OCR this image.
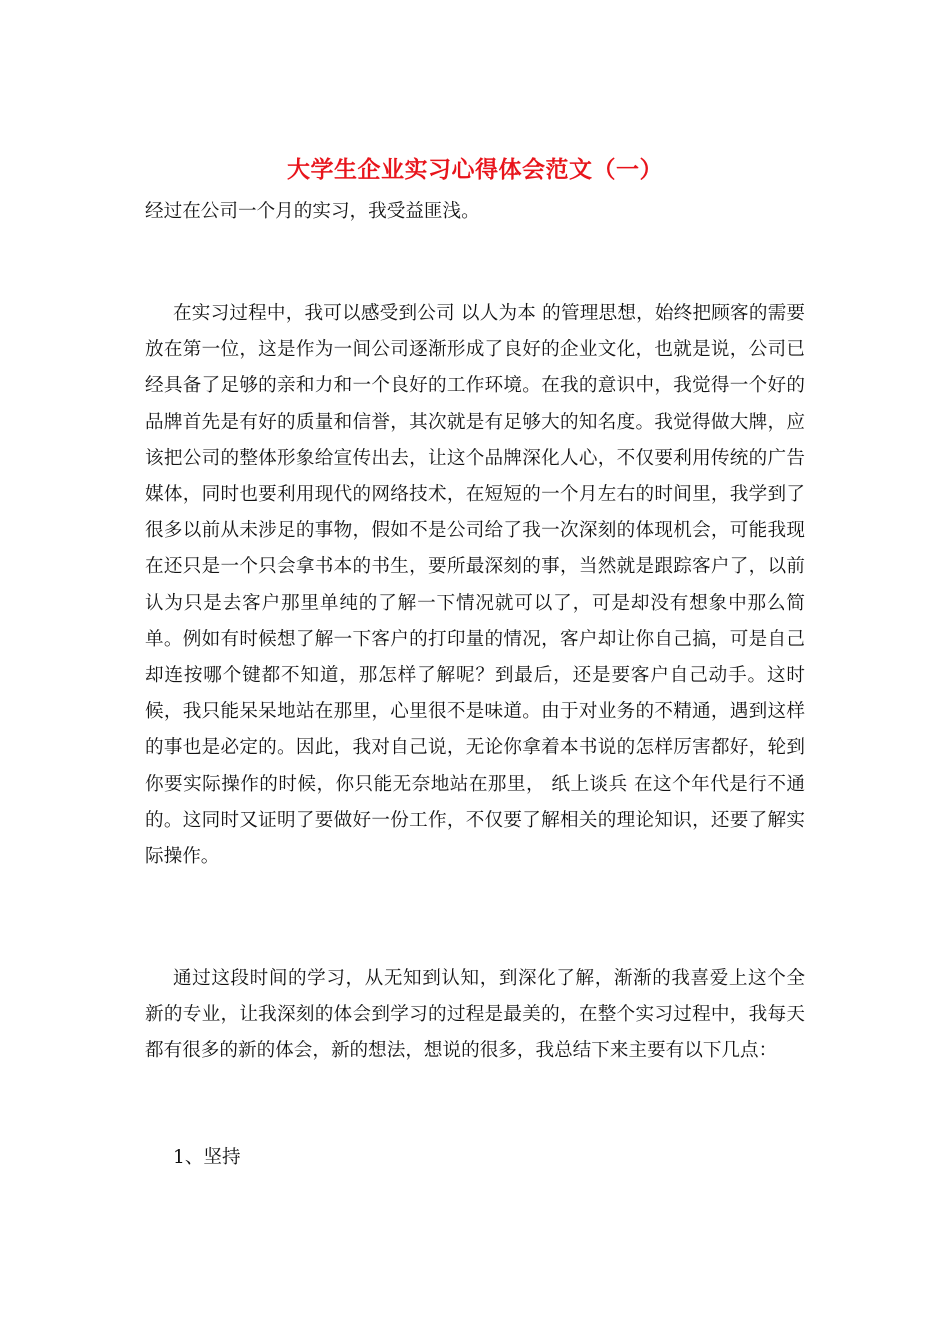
大学生企业实习心得体会范文（一）

经过在公司一个月的实习，我受益匪浅。

在实习过程中，我可以感受到公司 以人为本 的管理思想，始终把顾客的需要放在第一位，这是作为一间公司逐渐形成了良好的企业文化，也就是说，公司已经具备了足够的亲和力和一个良好的工作环境。在我的意识中，我觉得一个好的品牌首先是有好的质量和信誉，其次就是有足够大的知名度。我觉得做大牌，应该把公司的整体形象给宣传出去，让这个品牌深化人心，不仅要利用传统的广告媒体，同时也要利用现代的网络技术，在短短的一个月左右的时间里，我学到了很多以前从未涉足的事物，假如不是公司给了我一次深刻的体现机会，可能我现在还只是一个只会拿书本的书生，要所最深刻的事，当然就是跟踪客户了，以前认为只是去客户那里单纯的了解一下情况就可以了，可是却没有想象中那么简单。例如有时候想了解一下客户的打印量的情况，客户却让你自己搞，可是自己却连按哪个键都不知道，那怎样了解呢？到最后，还是要客户自己动手。这时候，我只能呆呆地站在那里，心里很不是味道。由于对业务的不精通，遇到这样的事也是必定的。因此，我对自己说，无论你拿着本书说的怎样厉害都好，轮到你要实际操作的时候，你只能无奈地站在那里， 纸上谈兵 在这个年代是行不通的。这同时又证明了要做好一份工作，不仅要了解相关的理论知识，还要了解实际操作。

通过这段时间的学习，从无知到认知，到深化了解，渐渐的我喜爱上这个全新的专业，让我深刻的体会到学习的过程是最美的，在整个实习过程中，我每天都有很多的新的体会，新的想法，想说的很多，我总结下来主要有以下几点：

1、坚持
